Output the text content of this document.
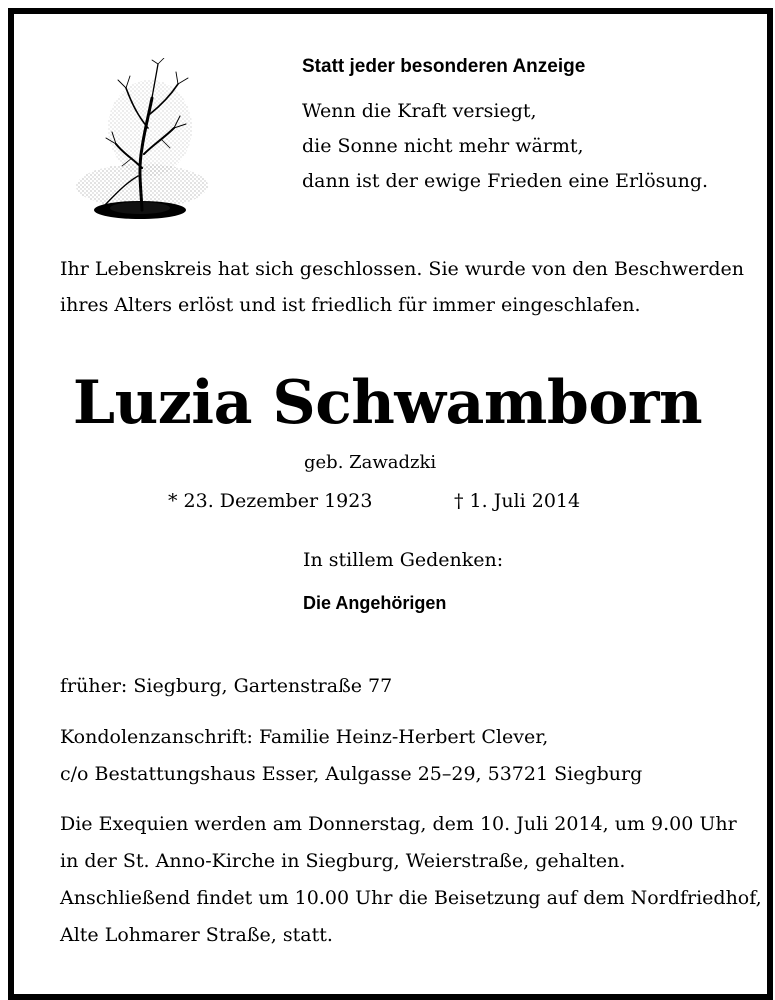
Statt jeder besonderen Anzeige
Wenn die Kraft versiegt,
die Sonne nicht mehr wärmt,
dann ist der ewige Frieden eine Erlösung.
Ihr Lebenskreis hat sich geschlossen. Sie wurde von den Beschwerden
ihres Alters erlöst und ist friedlich für immer eingeschlafen.
Luzia Schwamborn
geb. Zawadzki
* 23. Dezember 1923	† 1. Juli 2014
In stillem Gedenken:
Die Angehörigen
früher: Siegburg, Gartenstraße 77
Kondolenzanschrift: Familie Heinz-Herbert Clever,
c/o Bestattungshaus Esser, Aulgasse 25–29, 53721 Siegburg
Die Exequien werden am Donnerstag, dem 10. Juli 2014, um 9.00 Uhr
in der St. Anno-Kirche in Siegburg, Weierstraße, gehalten.
Anschließend findet um 10.00 Uhr die Beisetzung auf dem Nordfriedhof,
Alte Lohmarer Straße, statt.
